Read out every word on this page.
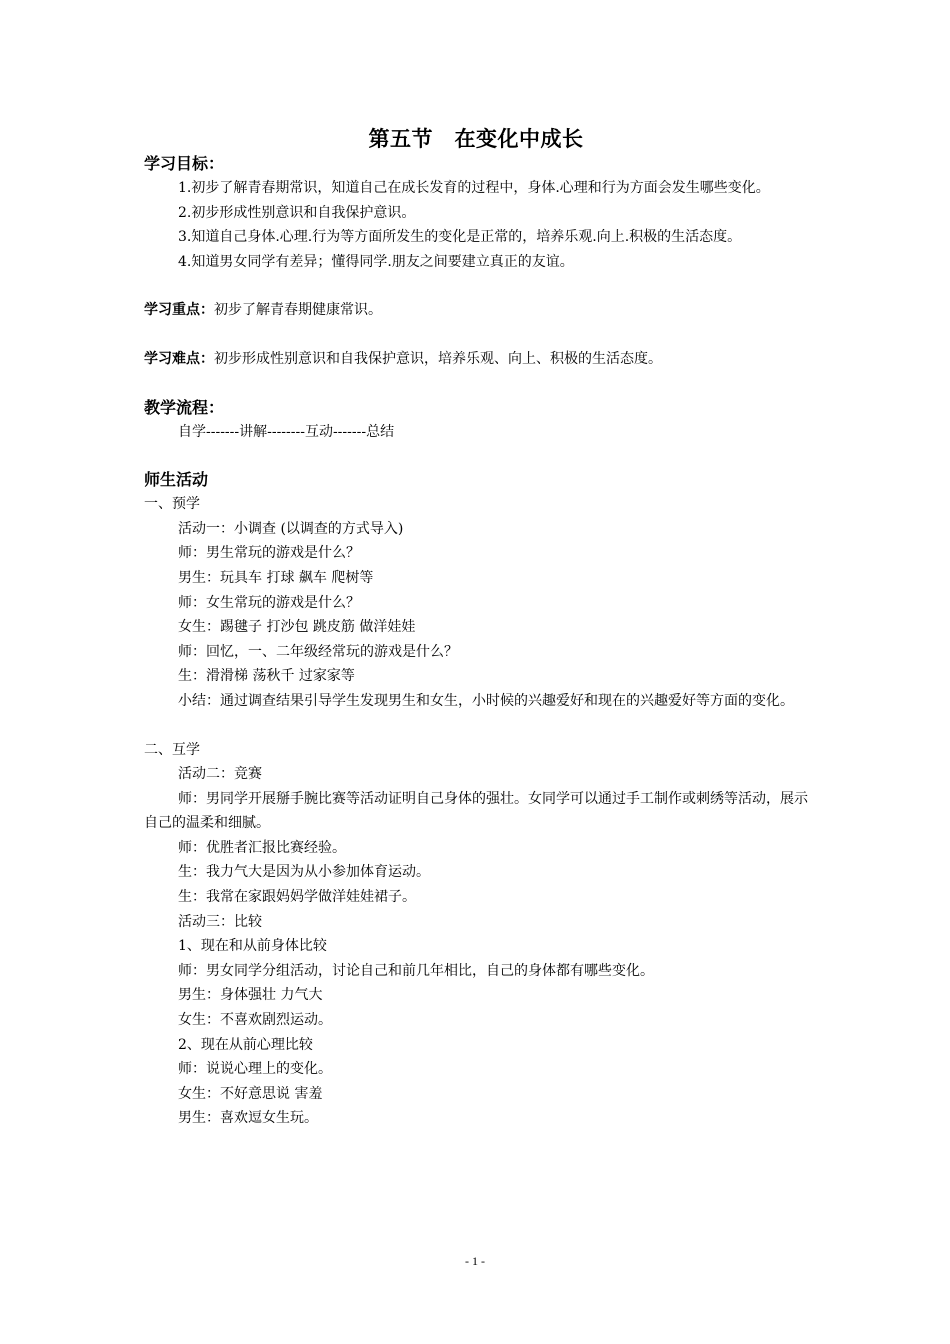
第五节　在变化中成长
学习目标：

1.初步了解青春期常识，知道自己在成长发育的过程中，身体.心理和行为方面会发生哪些变化。

2.初步形成性别意识和自我保护意识。

3.知道自己身体.心理.行为等方面所发生的变化是正常的，培养乐观.向上.积极的生活态度。

4.知道男女同学有差异；懂得同学.朋友之间要建立真正的友谊。

学习重点：初步了解青春期健康常识。

学习难点：初步形成性别意识和自我保护意识，培养乐观、向上、积极的生活态度。

教学流程：

自学-------讲解--------互动-------总结

师生活动

一、预学

活动一：小调查 (以调查的方式导入)

师：男生常玩的游戏是什么？

男生：玩具车 打球 飙车 爬树等

师：女生常玩的游戏是什么？

女生：踢毽子 打沙包 跳皮筋 做洋娃娃

师：回忆，一、二年级经常玩的游戏是什么？

生：滑滑梯 荡秋千 过家家等

小结：通过调查结果引导学生发现男生和女生，小时候的兴趣爱好和现在的兴趣爱好等方面的变化。

二、互学

活动二：竞赛

师：男同学开展掰手腕比赛等活动证明自己身体的强壮。女同学可以通过手工制作或刺绣等活动，展示自己的温柔和细腻。

师：优胜者汇报比赛经验。

生：我力气大是因为从小参加体育运动。

生：我常在家跟妈妈学做洋娃娃裙子。

活动三：比较

1、现在和从前身体比较

师：男女同学分组活动，讨论自己和前几年相比，自己的身体都有哪些变化。

男生：身体强壮 力气大

女生：不喜欢剧烈运动。

2、现在从前心理比较

师：说说心理上的变化。

女生：不好意思说 害羞

男生：喜欢逗女生玩。

- 1 -
